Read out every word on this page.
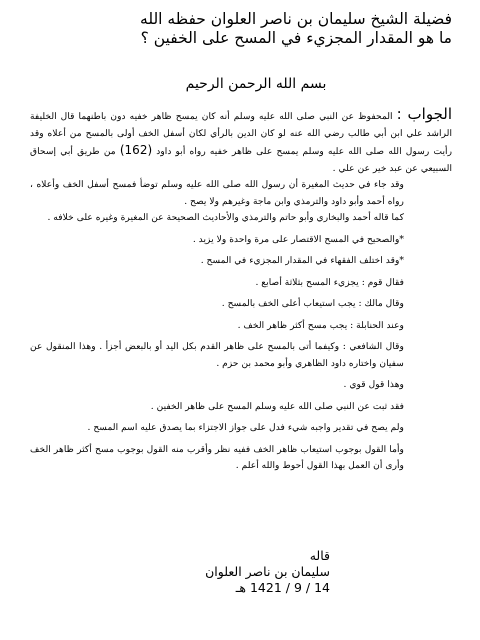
فضيلة الشيخ سليمان بن ناصر العلوان حفظه الله
ما هو المقدار المجزيء في المسح على الخفين ؟
بسم الله الرحمن الرحيم

الجواب : المحفوظ عن النبي صلى الله عليه وسلم أنه كان يمسح ظاهر خفيه دون باطنهما قال الخليفة الراشد علي ابن أبي طالب رضي الله عنه لو كان الدين بالرأي لكان أسفل الخف أولى بالمسح من أعلاه وقد رأيت رسول الله صلى الله عليه وسلم يمسح على ظاهر خفيه رواه أبو داود (162) من طريق أبي إسحاق السبيعي عن عبد خير عن علي .

وقد جاء في حديث المغيرة أن رسول الله صلى الله عليه وسلم توضأ فمسح أسفل الخف وأعلاه ، رواه أحمد وأبو داود والترمذي وابن ماجة وغيرهم ولا يصح .

كما قاله أحمد والبخاري وأبو حاتم والترمذي والأحاديث الصحيحة عن المغيرة وغيره على خلافه .

*والصحيح في المسح الاقتصار على مرة واحدة ولا يزيد .

*وقد اختلف الفقهاء في المقدار المجزيء في المسح .

فقال قوم : يجزيء المسح بثلاثة أصابع .

وقال مالك : يجب استيعاب أعلى الخف بالمسح .

وعند الحنابلة : يجب مسح أكثر ظاهر الخف .

وقال الشافعي : وكيفما أتى بالمسح على ظاهر القدم بكل اليد أو بالبعض أجزأ . وهذا المنقول عن سفيان واختاره داود الظاهري وأبو محمد بن حزم .

وهذا قول قوي .

فقد ثبت عن النبي صلى الله عليه وسلم المسح على ظاهر الخفين .

ولم يصح في تقدير واجبه شيء فدل على جواز الاجتزاء بما يصدق عليه اسم المسح .

وأما القول بوجوب استيعاب ظاهر الخف ففيه نظر وأقرب منه القول بوجوب مسح أكثر ظاهر الخف وأرى أن العمل بهذا القول أحوط والله أعلم .

قاله
سليمان بن ناصر العلوان
14 / 9 / 1421 هـ
